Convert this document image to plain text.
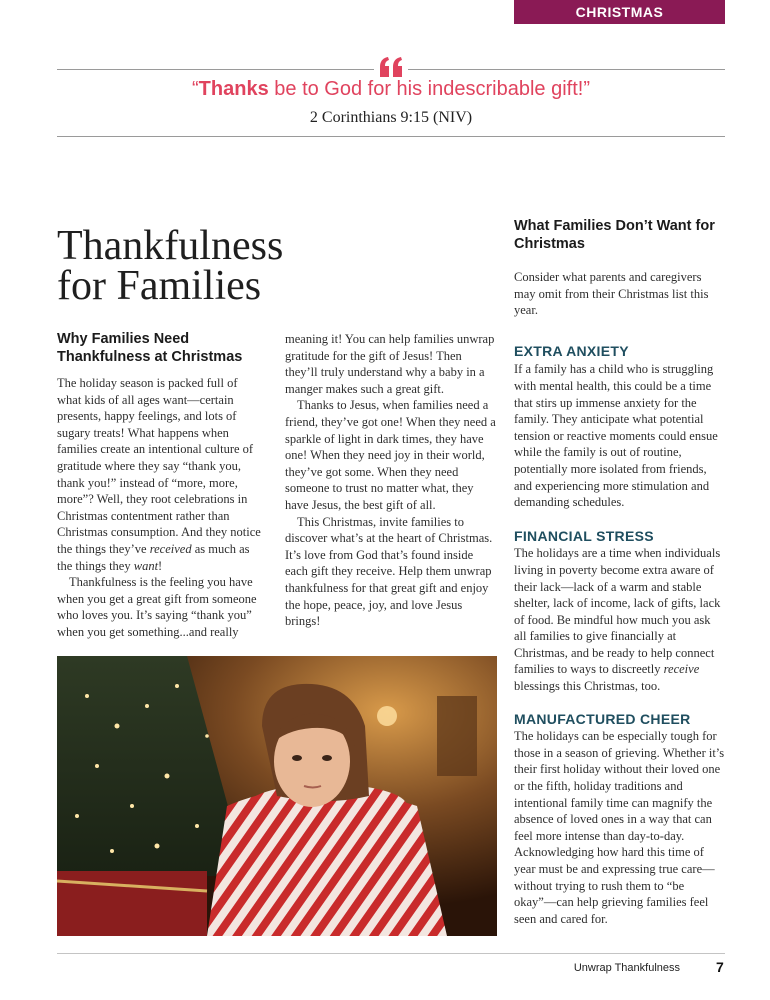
CHRISTMAS
“Thanks be to God for his indescribable gift!”
2 Corinthians 9:15 (NIV)
Thankfulness
for Families
Why Families Need Thankfulness at Christmas

The holiday season is packed full of what kids of all ages want—certain presents, happy feelings, and lots of sugary treats! What happens when families create an intentional culture of gratitude where they say “thank you, thank you!” instead of “more, more, more”? Well, they root celebrations in Christmas contentment rather than Christmas consumption. And they notice the things they’ve received as much as the things they want!

Thankfulness is the feeling you have when you get a great gift from someone who loves you. It’s saying “thank you” when you get something...and really

meaning it! You can help families unwrap gratitude for the gift of Jesus! Then they’ll truly understand why a baby in a manger makes such a great gift.

Thanks to Jesus, when families need a friend, they’ve got one! When they need a sparkle of light in dark times, they have one! When they need joy in their world, they’ve got some. When they need someone to trust no matter what, they have Jesus, the best gift of all.

This Christmas, invite families to discover what’s at the heart of Christmas. It’s love from God that’s found inside each gift they receive. Help them unwrap thankfulness for that great gift and enjoy the hope, peace, joy, and love Jesus brings!

What Families Don’t Want for Christmas

Consider what parents and caregivers may omit from their Christmas list this year.

EXTRA ANXIETY

If a family has a child who is struggling with mental health, this could be a time that stirs up immense anxiety for the family. They anticipate what potential tension or reactive moments could ensue while the family is out of routine, potentially more isolated from friends, and experiencing more stimulation and demanding schedules.

FINANCIAL STRESS

The holidays are a time when individuals living in poverty become extra aware of their lack—lack of a warm and stable shelter, lack of income, lack of gifts, lack of food. Be mindful how much you ask all families to give financially at Christmas, and be ready to help connect families to ways to discreetly receive blessings this Christmas, too.

MANUFACTURED CHEER

The holidays can be especially tough for those in a season of grieving. Whether it’s their first holiday without their loved one or the fifth, holiday traditions and intentional family time can magnify the absence of loved ones in a way that can feel more intense than day-to-day. Acknowledging how hard this time of year must be and expressing true care—without trying to rush them to “be okay”—can help grieving families feel seen and cared for.

Unwrap Thankfulness	7
